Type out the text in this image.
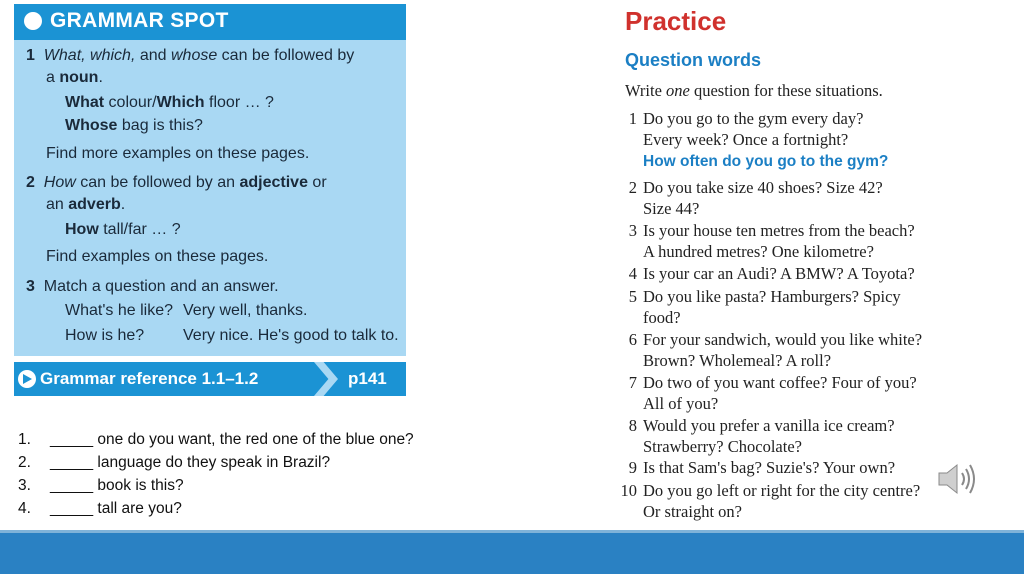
GRAMMAR SPOT
1 What, which, and whose can be followed by
a noun.
What colour/Which floor … ?
Whose bag is this?
Find more examples on these pages.
2 How can be followed by an adjective or
an adverb.
How tall/far … ?
Find examples on these pages.
3 Match a question and an answer.
What's he like? Very well, thanks.
How is he? Very nice. He's good to talk to.
Grammar reference 1.1–1.2	p141
1. _____ one do you want, the red one of the blue one?
2. _____ language do they speak in Brazil?
3. _____ book is this?
4. _____ tall are you?
Practice
Question words
Write one question for these situations.
1 Do you go to the gym every day?
Every week? Once a fortnight?
2 Do you take size 40 shoes? Size 42?
Size 44?
3 Is your house ten metres from the beach?
A hundred metres? One kilometre?
4 Is your car an Audi? A BMW? A Toyota?
5 Do you like pasta? Hamburgers? Spicy
food?
6 For your sandwich, would you like white?
Brown? Wholemeal? A roll?
7 Do two of you want coffee? Four of you?
All of you?
8 Would you prefer a vanilla ice cream?
Strawberry? Chocolate?
9 Is that Sam's bag? Suzie's? Your own?
10 Do you go left or right for the city centre?
Or straight on?
How often do you go to the gym?
